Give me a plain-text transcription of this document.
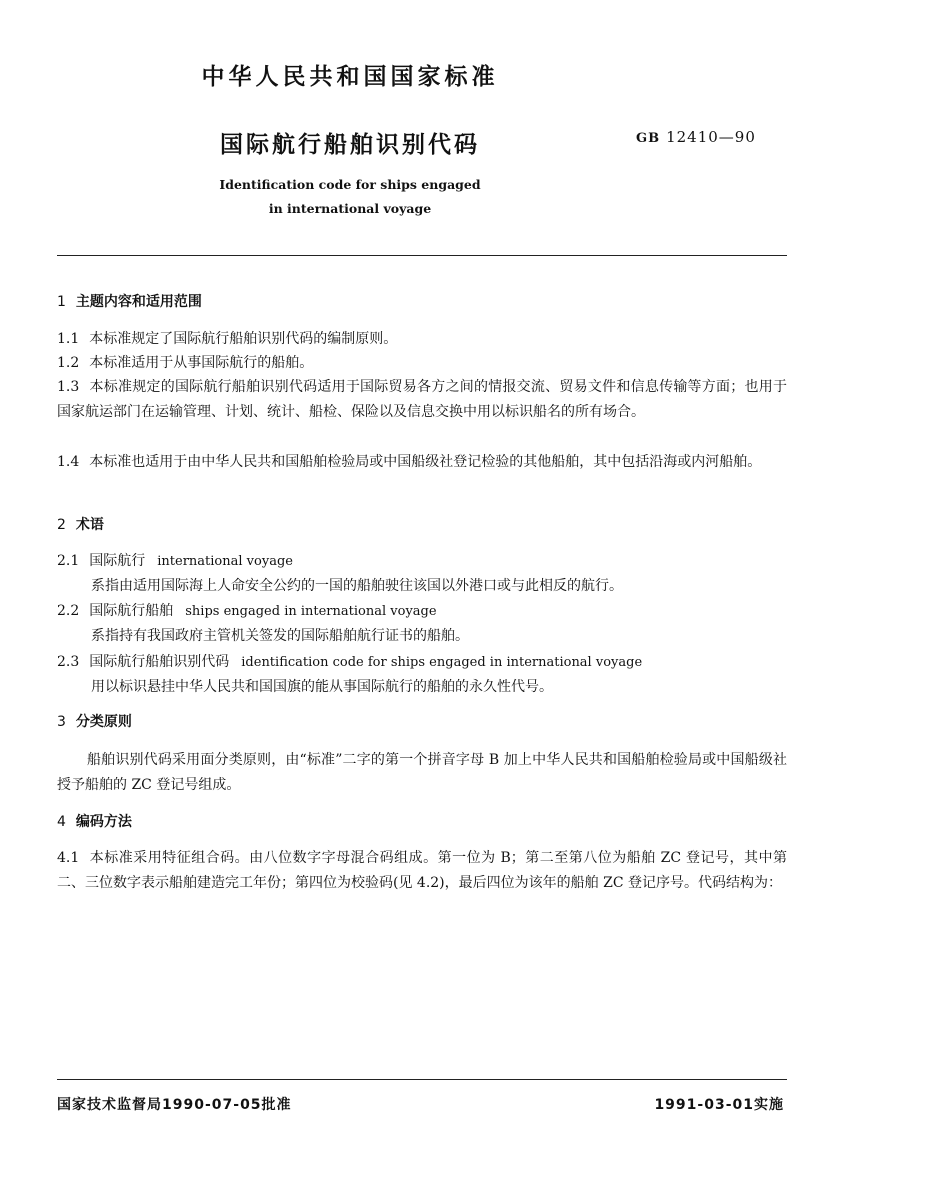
中华人民共和国国家标准
国际航行船舶识别代码	GB 12410—90
Identification code for ships engaged
in international voyage
1 主题内容和适用范围
1.1 本标准规定了国际航行船舶识别代码的编制原则。
1.2 本标准适用于从事国际航行的船舶。
1.3 本标准规定的国际航行船舶识别代码适用于国际贸易各方之间的情报交流、贸易文件和信息传输等方面；也用于国家航运部门在运输管理、计划、统计、船检、保险以及信息交换中用以标识船名的所有场合。
1.4 本标准也适用于由中华人民共和国船舶检验局或中国船级社登记检验的其他船舶，其中包括沿海或内河船舶。
2 术语
2.1 国际航行 international voyage
系指由适用国际海上人命安全公约的一国的船舶驶往该国以外港口或与此相反的航行。
2.2 国际航行船舶 ships engaged in international voyage
系指持有我国政府主管机关签发的国际船舶航行证书的船舶。
2.3 国际航行船舶识别代码 identification code for ships engaged in international voyage
用以标识悬挂中华人民共和国国旗的能从事国际航行的船舶的永久性代号。
3 分类原则
船舶识别代码采用面分类原则，由“标准”二字的第一个拼音字母 B 加上中华人民共和国船舶检验局或中国船级社授予船舶的 ZC 登记号组成。
4 编码方法
4.1 本标准采用特征组合码。由八位数字字母混合码组成。第一位为 B；第二至第八位为船舶 ZC 登记号，其中第二、三位数字表示船舶建造完工年份；第四位为校验码(见 4.2)，最后四位为该年的船舶 ZC 登记序号。代码结构为：
国家技术监督局1990-07-05批准	1991-03-01实施
